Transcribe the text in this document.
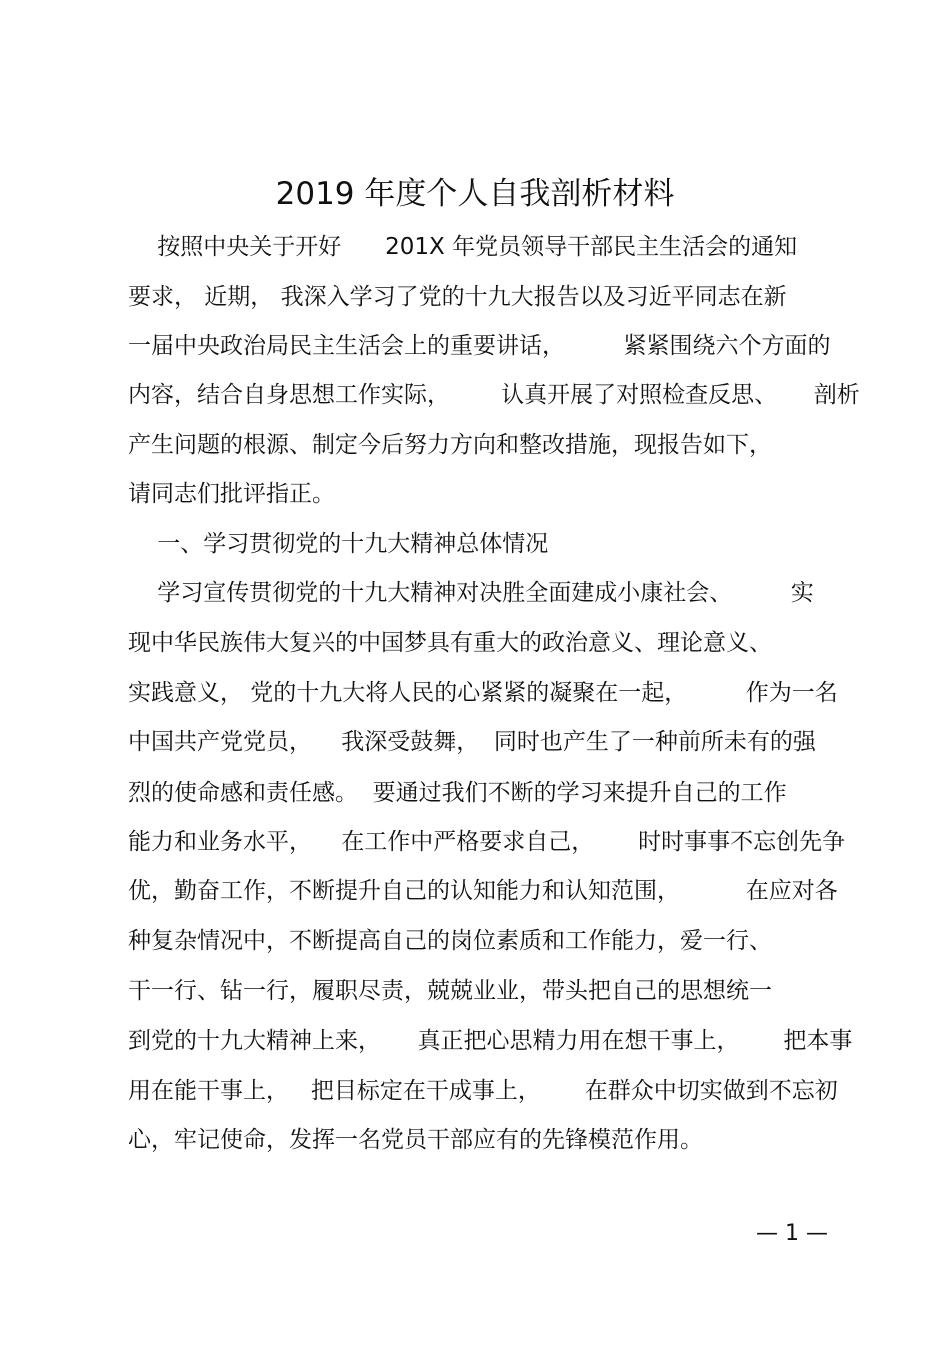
2019 年度个人自我剖析材料
按照中央关于开好      201X 年党员领导干部民主生活会的通知
要求， 近期， 我深入学习了党的十九大报告以及习近平同志在新
一届中央政治局民主生活会上的重要讲话，        紧紧围绕六个方面的
内容，结合自身思想工作实际，       认真开展了对照检查反思、     剖析
产生问题的根源、制定今后努力方向和整改措施，现报告如下，
请同志们批评指正。
一、学习贯彻党的十九大精神总体情况
学习宣传贯彻党的十九大精神对决胜全面建成小康社会、        实
现中华民族伟大复兴的中国梦具有重大的政治意义、理论意义、
实践意义， 党的十九大将人民的心紧紧的凝聚在一起，        作为一名
中国共产党党员，    我深受鼓舞，  同时也产生了一种前所未有的强
烈的使命感和责任感。  要通过我们不断的学习来提升自己的工作
能力和业务水平，    在工作中严格要求自己，      时时事事不忘创先争
优，勤奋工作，不断提升自己的认知能力和认知范围，         在应对各
种复杂情况中，不断提高自己的岗位素质和工作能力，爱一行、
干一行、钻一行，履职尽责，兢兢业业，带头把自己的思想统一
到党的十九大精神上来，     真正把心思精力用在想干事上，      把本事
用在能干事上，   把目标定在干成事上，      在群众中切实做到不忘初
心，牢记使命，发挥一名党员干部应有的先锋模范作用。
— 1 —
